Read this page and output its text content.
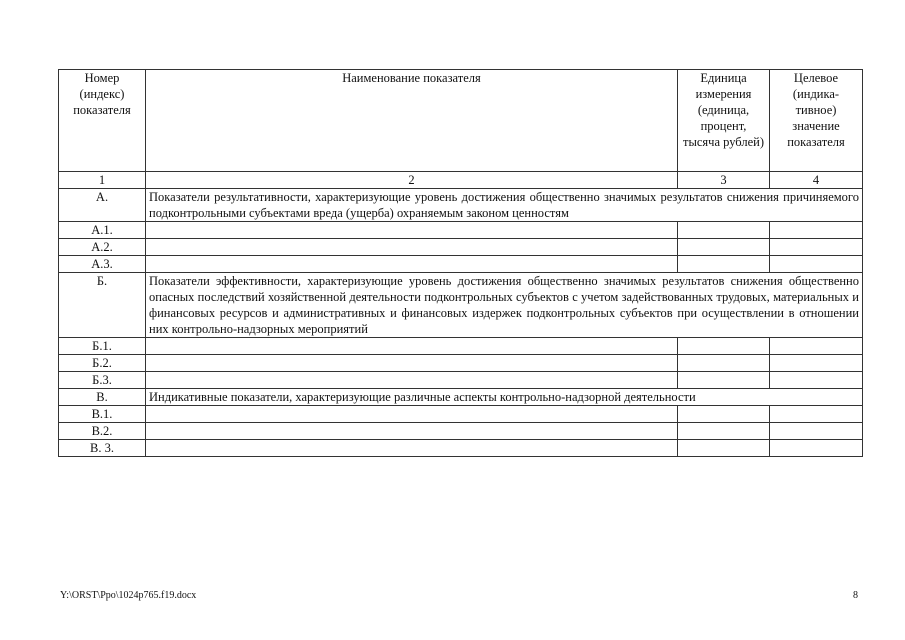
Номер (индекс) показателя	Наименование показателя	Единица измерения (единица, процент, тысяча рублей)	Целевое (индика-тивное) значение показателя
1	2	3	4
А.	Показатели результативности, характеризующие уровень достижения общественно значимых результатов снижения причиняемого подконтрольными субъектами вреда (ущерба) охраняемым законом ценностям		
А.1.			
А.2.			
А.3.			
Б.	Показатели эффективности, характеризующие уровень достижения общественно значимых результатов снижения общественно опасных последствий хозяйственной деятельности подконтрольных субъектов с учетом задействованных трудовых, материальных и финансовых ресурсов и административных и финансовых издержек подконтрольных субъектов при осуществлении в отношении них контрольно-надзорных мероприятий		
Б.1.			
Б.2.			
Б.3.			
В.	Индикативные показатели, характеризующие различные аспекты контрольно-надзорной деятельности		
В.1.			
В.2.			
В. 3.			
Y:\ORST\Ppo\1024p765.f19.docx	8
